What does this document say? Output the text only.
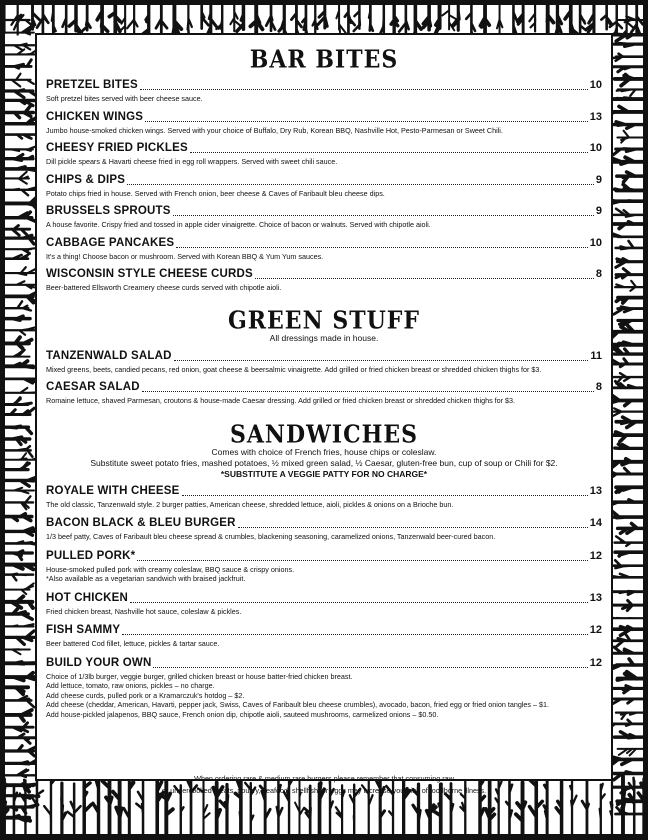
BAR BITES
PRETZEL BITES	10

Soft pretzel bites served with beer cheese sauce.

CHICKEN WINGS	13

Jumbo house-smoked chicken wings. Served with your choice of Buffalo, Dry Rub, Korean BBQ, Nashville Hot, Pesto-Parmesan or Sweet Chili.

CHEESY FRIED PICKLES	10

Dill pickle spears & Havarti cheese fried in egg roll wrappers. Served with sweet chili sauce.

CHIPS & DIPS	9

Potato chips fried in house. Served with French onion, beer cheese & Caves of Faribault bleu cheese dips.

BRUSSELS SPROUTS	9

A house favorite. Crispy fried and tossed in apple cider vinaigrette. Choice of bacon or walnuts. Served with chipotle aioli.

CABBAGE PANCAKES	10

It's a thing! Choose bacon or mushroom. Served with Korean BBQ & Yum Yum sauces.

WISCONSIN STYLE CHEESE CURDS	8

Beer-battered Ellsworth Creamery cheese curds served with chipotle aioli.

GREEN STUFF

All dressings made in house.

TANZENWALD SALAD	11

Mixed greens, beets, candied pecans, red onion, goat cheese & beersalmic vinaigrette. Add grilled or fried chicken breast or shredded chicken thighs for $3.

CAESAR SALAD	8

Romaine lettuce, shaved Parmesan, croutons & house-made Caesar dressing. Add grilled or fried chicken breast or shredded chicken thighs for $3.

SANDWICHES

Comes with choice of French fries, house chips or coleslaw.

Substitute sweet potato fries, mashed potatoes, ½ mixed green salad, ½ Caesar, gluten-free bun, cup of soup or Chili for $2.

*SUBSTITUTE A VEGGIE PATTY FOR NO CHARGE*

ROYALE WITH CHEESE	13

The old classic, Tanzenwald style. 2 burger patties, American cheese, shredded lettuce, aioli, pickles & onions on a Brioche bun.

BACON BLACK & BLEU BURGER	14

1/3 beef patty, Caves of Faribault bleu cheese spread & crumbles, blackening seasoning, caramelized onions, Tanzenwald beer-cured bacon.

PULLED PORK*	12

House-smoked pulled pork with creamy coleslaw, BBQ sauce & crispy onions.

*Also available as a vegetarian sandwich with braised jackfruit.

HOT CHICKEN	13

Fried chicken breast, Nashville hot sauce, coleslaw & pickles.

FISH SAMMY	12

Beer battered Cod fillet, lettuce, pickles & tartar sauce.

BUILD YOUR OWN	12

Choice of 1/3lb burger, veggie burger, grilled chicken breast or house batter-fried chicken breast.

Add lettuce, tomato, raw onions, pickles – no charge.

Add cheese curds, pulled pork or a Kramarczuk's hotdog – $2.

Add cheese (cheddar, American, Havarti, pepper jack, Swiss, Caves of Faribault bleu cheese crumbles), avocado, bacon, fried egg or fried onion tangles – $1.

Add house-pickled jalapenos, BBQ sauce, French onion dip, chipotle aioli, sauteed mushrooms, carmelized onions – $0.50.

When ordering rare & medium rare burgers please remember that consuming raw
or undercooked meats, poultry, seafood, shellfish, or eggs may increase your risk of foodborne illness.
